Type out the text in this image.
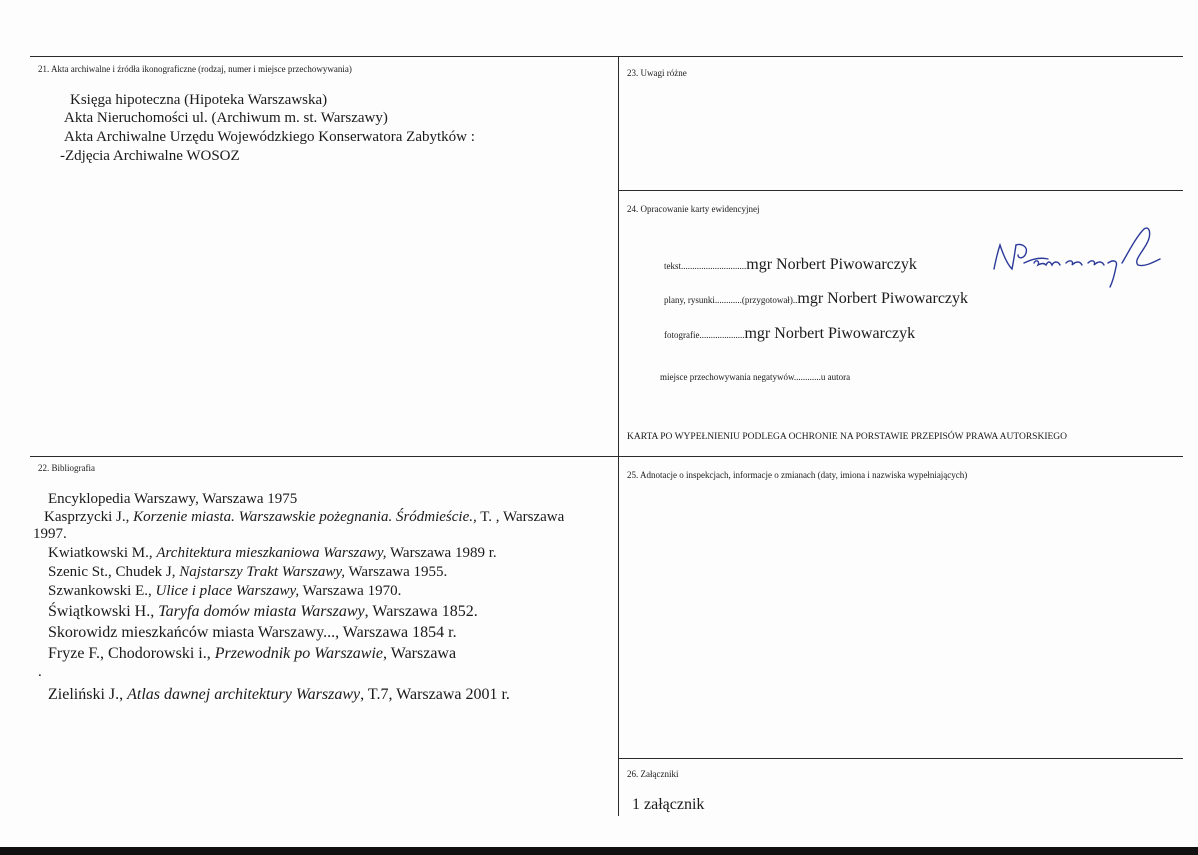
21. Akta archiwalne i źródła ikonograficzne (rodzaj, numer i miejsce przechowywania)
Księga hipoteczna (Hipoteka Warszawska)
Akta Nieruchomości ul. (Archiwum m. st. Warszawy)
Akta Archiwalne Urzędu Wojewódzkiego Konserwatora Zabytków :
-Zdjęcia Archiwalne WOSOZ
23. Uwagi różne
24. Opracowanie karty ewidencyjnej
tekst.............................mgr Norbert Piwowarczyk
plany, rysunki............(przygotował)..mgr Norbert Piwowarczyk
fotografie....................mgr Norbert Piwowarczyk
miejsce przechowywania negatywów............u autora
KARTA PO WYPEŁNIENIU PODLEGA OCHRONIE NA PORSTAWIE PRZEPISÓW PRAWA AUTORSKIEGO
22. Bibliografia
Encyklopedia Warszawy, Warszawa 1975
Kasprzycki J., Korzenie miasta. Warszawskie pożegnania. Śródmieście., T. , Warszawa
1997.
Kwiatkowski M., Architektura mieszkaniowa Warszawy, Warszawa 1989 r.
Szenic St., Chudek J, Najstarszy Trakt Warszawy, Warszawa 1955.
Szwankowski E., Ulice i place Warszawy, Warszawa 1970.
Świątkowski H., Taryfa domów miasta Warszawy, Warszawa 1852.
Skorowidz mieszkańców miasta Warszawy..., Warszawa 1854 r.
Fryze F., Chodorowski i., Przewodnik po Warszawie, Warszawa
.
Zieliński J., Atlas dawnej architektury Warszawy, T.7, Warszawa 2001 r.
25. Adnotacje o inspekcjach, informacje o zmianach (daty, imiona i nazwiska wypełniających)
26. Załączniki
1 załącznik
